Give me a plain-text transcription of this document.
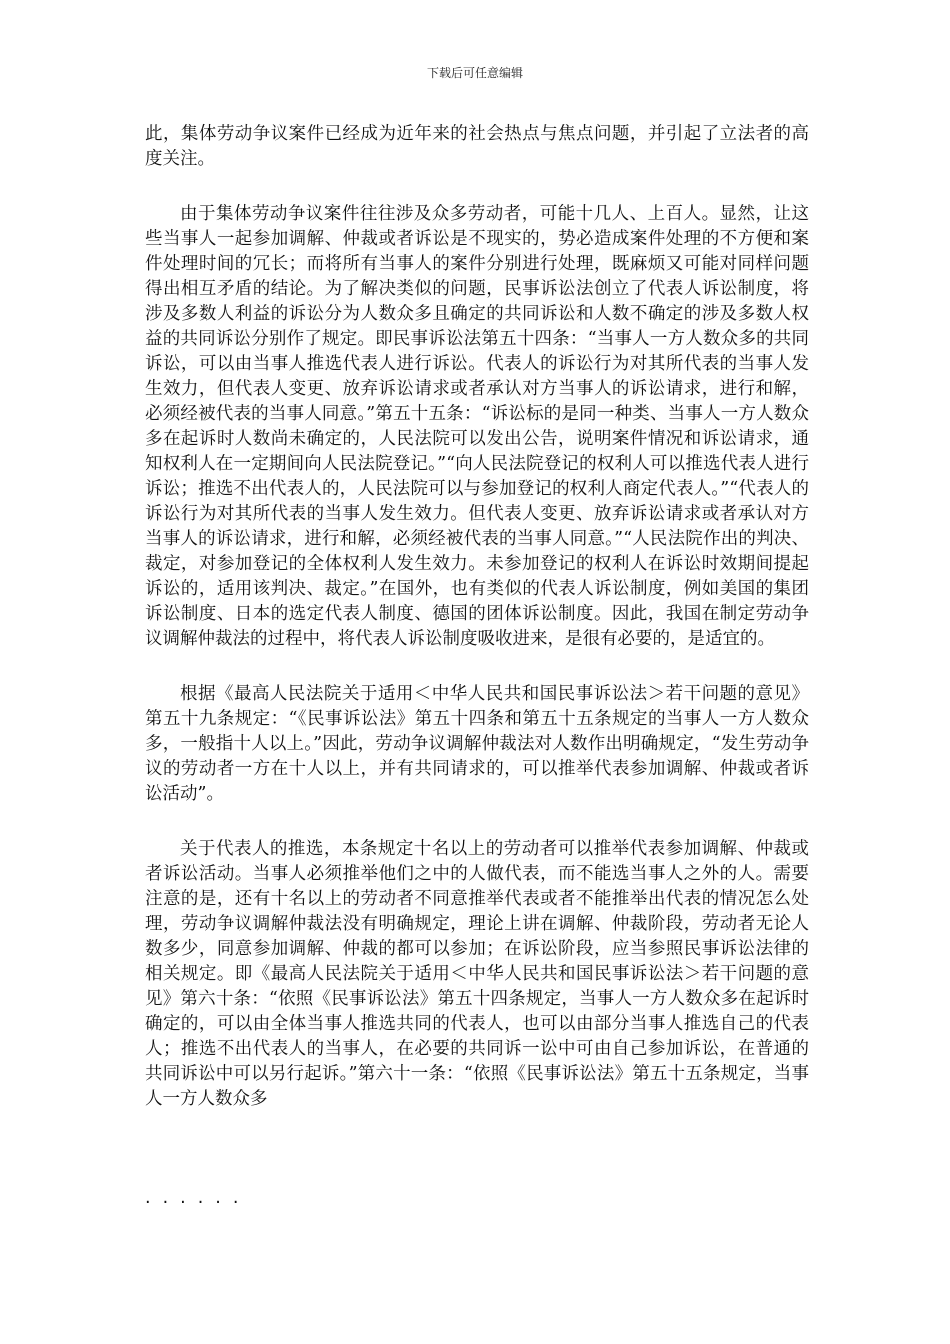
下载后可任意编辑

此，集体劳动争议案件已经成为近年来的社会热点与焦点问题，并引起了立法者的高度关注。

由于集体劳动争议案件往往涉及众多劳动者，可能十几人、上百人。显然，让这些当事人一起参加调解、仲裁或者诉讼是不现实的，势必造成案件处理的不方便和案件处理时间的冗长；而将所有当事人的案件分别进行处理，既麻烦又可能对同样问题得出相互矛盾的结论。为了解决类似的问题，民事诉讼法创立了代表人诉讼制度，将涉及多数人利益的诉讼分为人数众多且确定的共同诉讼和人数不确定的涉及多数人权益的共同诉讼分别作了规定。即民事诉讼法第五十四条：“当事人一方人数众多的共同诉讼，可以由当事人推选代表人进行诉讼。代表人的诉讼行为对其所代表的当事人发生效力，但代表人变更、放弃诉讼请求或者承认对方当事人的诉讼请求，进行和解，必须经被代表的当事人同意。”第五十五条：“诉讼标的是同一种类、当事人一方人数众多在起诉时人数尚未确定的，人民法院可以发出公告，说明案件情况和诉讼请求，通知权利人在一定期间向人民法院登记。”“向人民法院登记的权利人可以推选代表人进行诉讼；推选不出代表人的，人民法院可以与参加登记的权利人商定代表人。”“代表人的诉讼行为对其所代表的当事人发生效力。但代表人变更、放弃诉讼请求或者承认对方当事人的诉讼请求，进行和解，必须经被代表的当事人同意。”“人民法院作出的判决、裁定，对参加登记的全体权利人发生效力。未参加登记的权利人在诉讼时效期间提起诉讼的，适用该判决、裁定。”在国外，也有类似的代表人诉讼制度，例如美国的集团诉讼制度、日本的选定代表人制度、德国的团体诉讼制度。因此，我国在制定劳动争议调解仲裁法的过程中，将代表人诉讼制度吸收进来，是很有必要的，是适宜的。

根据《最高人民法院关于适用＜中华人民共和国民事诉讼法＞若干问题的意见》第五十九条规定：“《民事诉讼法》第五十四条和第五十五条规定的当事人一方人数众多，一般指十人以上。”因此，劳动争议调解仲裁法对人数作出明确规定，“发生劳动争议的劳动者一方在十人以上，并有共同请求的，可以推举代表参加调解、仲裁或者诉讼活动”。

关于代表人的推选，本条规定十名以上的劳动者可以推举代表参加调解、仲裁或者诉讼活动。当事人必须推举他们之中的人做代表，而不能选当事人之外的人。需要注意的是，还有十名以上的劳动者不同意推举代表或者不能推举出代表的情况怎么处理，劳动争议调解仲裁法没有明确规定，理论上讲在调解、仲裁阶段，劳动者无论人数多少，同意参加调解、仲裁的都可以参加；在诉讼阶段，应当参照民事诉讼法律的相关规定。即《最高人民法院关于适用＜中华人民共和国民事诉讼法＞若干问题的意见》第六十条：“依照《民事诉讼法》第五十四条规定，当事人一方人数众多在起诉时确定的，可以由全体当事人推选共同的代表人，也可以由部分当事人推选自己的代表人；推选不出代表人的当事人，在必要的共同诉一讼中可由自己参加诉讼，在普通的共同诉讼中可以另行起诉。”第六十一条：“依照《民事诉讼法》第五十五条规定，当事人一方人数众多

......
